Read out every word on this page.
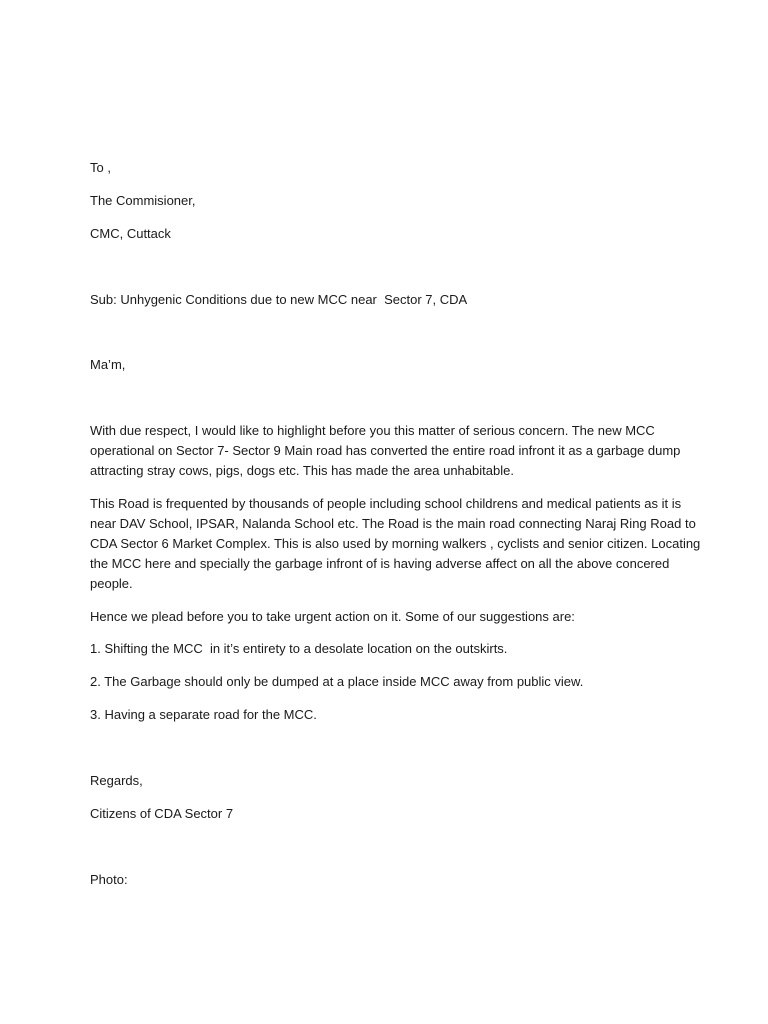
To ,

The Commisioner,

CMC, Cuttack

Sub: Unhygenic Conditions due to new MCC near  Sector 7, CDA

Ma’m,

With due respect, I would like to highlight before you this matter of serious concern. The new MCC
operational on Sector 7- Sector 9 Main road has converted the entire road infront it as a garbage dump
attracting stray cows, pigs, dogs etc. This has made the area unhabitable.
This Road is frequented by thousands of people including school childrens and medical patients as it is
near DAV School, IPSAR, Nalanda School etc. The Road is the main road connecting Naraj Ring Road to
CDA Sector 6 Market Complex. This is also used by morning walkers , cyclists and senior citizen. Locating
the MCC here and specially the garbage infront of is having adverse affect on all the above concered
people.

Hence we plead before you to take urgent action on it. Some of our suggestions are:

1. Shifting the MCC  in it’s entirety to a desolate location on the outskirts.

2. The Garbage should only be dumped at a place inside MCC away from public view.

3. Having a separate road for the MCC.

Regards,

Citizens of CDA Sector 7

Photo:
